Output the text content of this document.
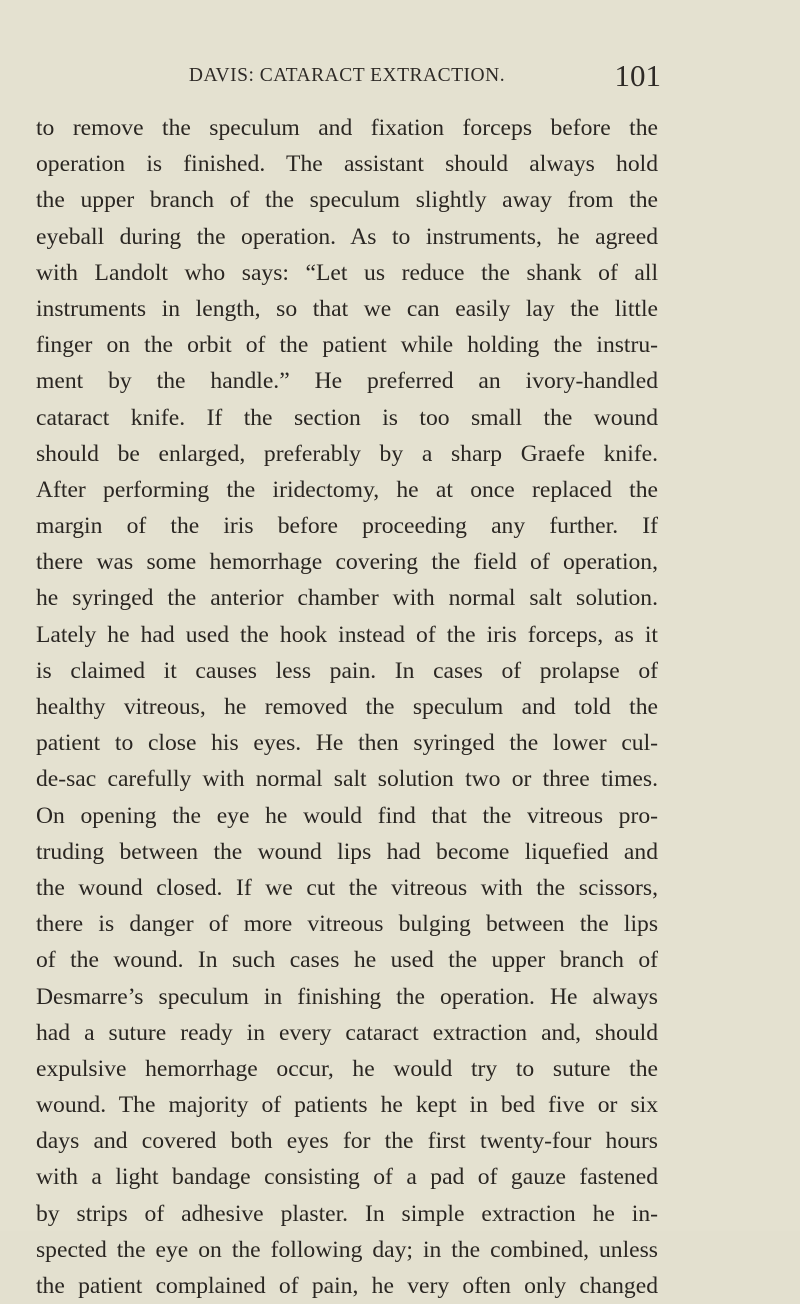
DAVIS: CATARACT EXTRACTION.	101
to remove the speculum and fixation forceps before the
operation is finished. The assistant should always hold
the upper branch of the speculum slightly away from the
eyeball during the operation. As to instruments, he agreed
with Landolt who says: “Let us reduce the shank of all
instruments in length, so that we can easily lay the little
finger on the orbit of the patient while holding the instru-
ment by the handle.” He preferred an ivory-handled
cataract knife. If the section is too small the wound
should be enlarged, preferably by a sharp Graefe knife.
After performing the iridectomy, he at once replaced the
margin of the iris before proceeding any further. If
there was some hemorrhage covering the field of operation,
he syringed the anterior chamber with normal salt solution.
Lately he had used the hook instead of the iris forceps, as it
is claimed it causes less pain. In cases of prolapse of
healthy vitreous, he removed the speculum and told the
patient to close his eyes. He then syringed the lower cul-
de-sac carefully with normal salt solution two or three times.
On opening the eye he would find that the vitreous pro-
truding between the wound lips had become liquefied and
the wound closed. If we cut the vitreous with the scissors,
there is danger of more vitreous bulging between the lips
of the wound. In such cases he used the upper branch of
Desmarre’s speculum in finishing the operation. He always
had a suture ready in every cataract extraction and, should
expulsive hemorrhage occur, he would try to suture the
wound. The majority of patients he kept in bed five or six
days and covered both eyes for the first twenty-four hours
with a light bandage consisting of a pad of gauze fastened
by strips of adhesive plaster. In simple extraction he in-
spected the eye on the following day; in the combined, unless
the patient complained of pain, he very often only changed
